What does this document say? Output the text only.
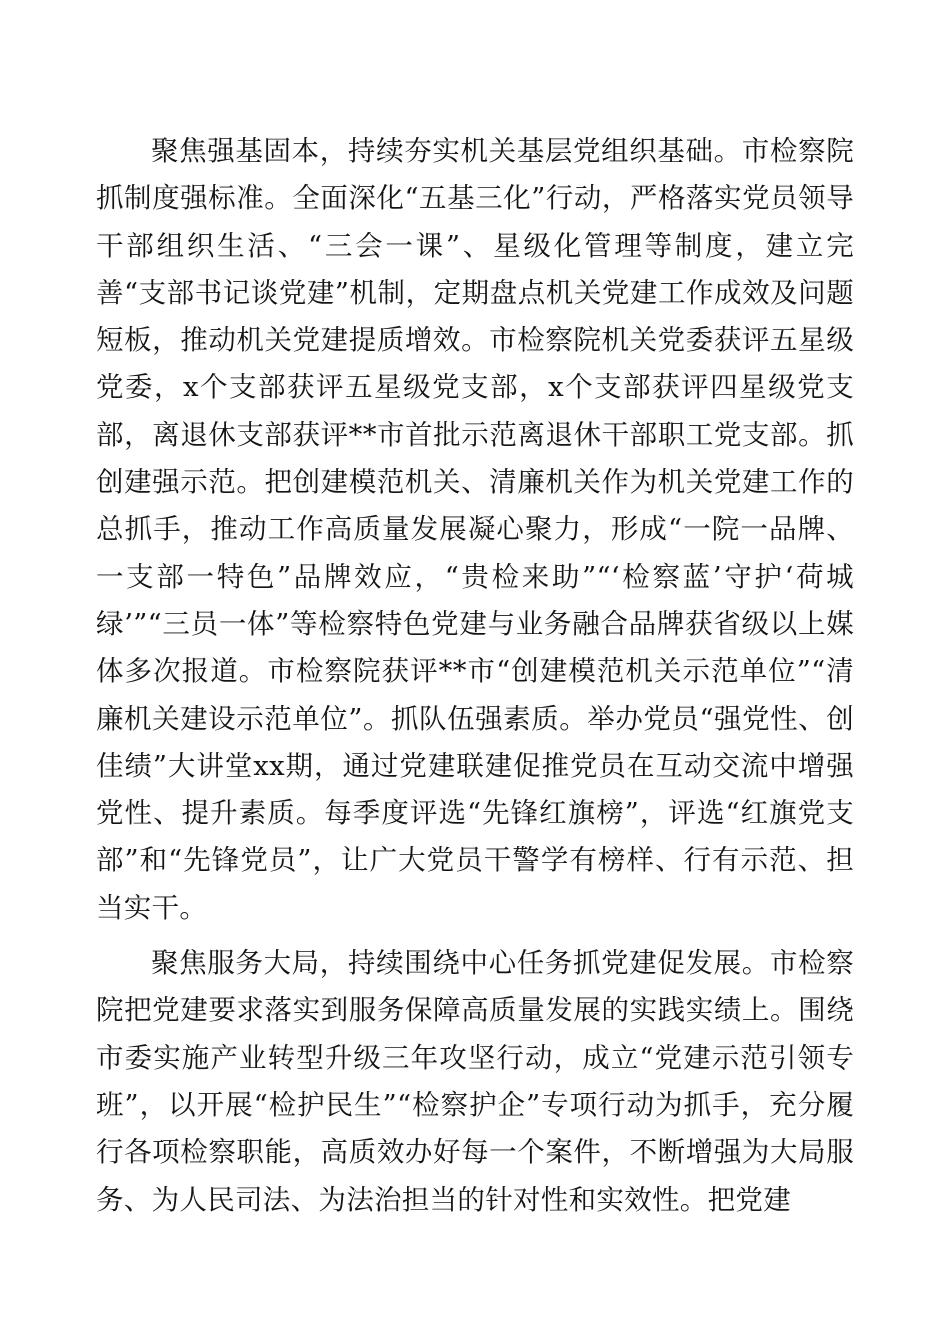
聚焦强基固本，持续夯实机关基层党组织基础。市检察院抓制度强标准。全面深化“五基三化”行动，严格落实党员领导干部组织生活、“三会一课”、星级化管理等制度，建立完善“支部书记谈党建”机制，定期盘点机关党建工作成效及问题短板，推动机关党建提质增效。市检察院机关党委获评五星级党委，x个支部获评五星级党支部，x个支部获评四星级党支部，离退休支部获评**市首批示范离退休干部职工党支部。抓创建强示范。把创建模范机关、清廉机关作为机关党建工作的总抓手，推动工作高质量发展凝心聚力，形成“一院一品牌、一支部一特色”品牌效应，“贵检来助”“‘检察蓝’守护‘荷城绿’”“三员一体”等检察特色党建与业务融合品牌获省级以上媒体多次报道。市检察院获评**市“创建模范机关示范单位”“清廉机关建设示范单位”。抓队伍强素质。举办党员“强党性、创佳绩”大讲堂xx期，通过党建联建促推党员在互动交流中增强党性、提升素质。每季度评选“先锋红旗榜”，评选“红旗党支部”和“先锋党员”，让广大党员干警学有榜样、行有示范、担当实干。

聚焦服务大局，持续围绕中心任务抓党建促发展。市检察院把党建要求落实到服务保障高质量发展的实践实绩上。围绕市委实施产业转型升级三年攻坚行动，成立“党建示范引领专班”，以开展“检护民生”“检察护企”专项行动为抓手，充分履行各项检察职能，高质效办好每一个案件，不断增强为大局服务、为人民司法、为法治担当的针对性和实效性。把党建
